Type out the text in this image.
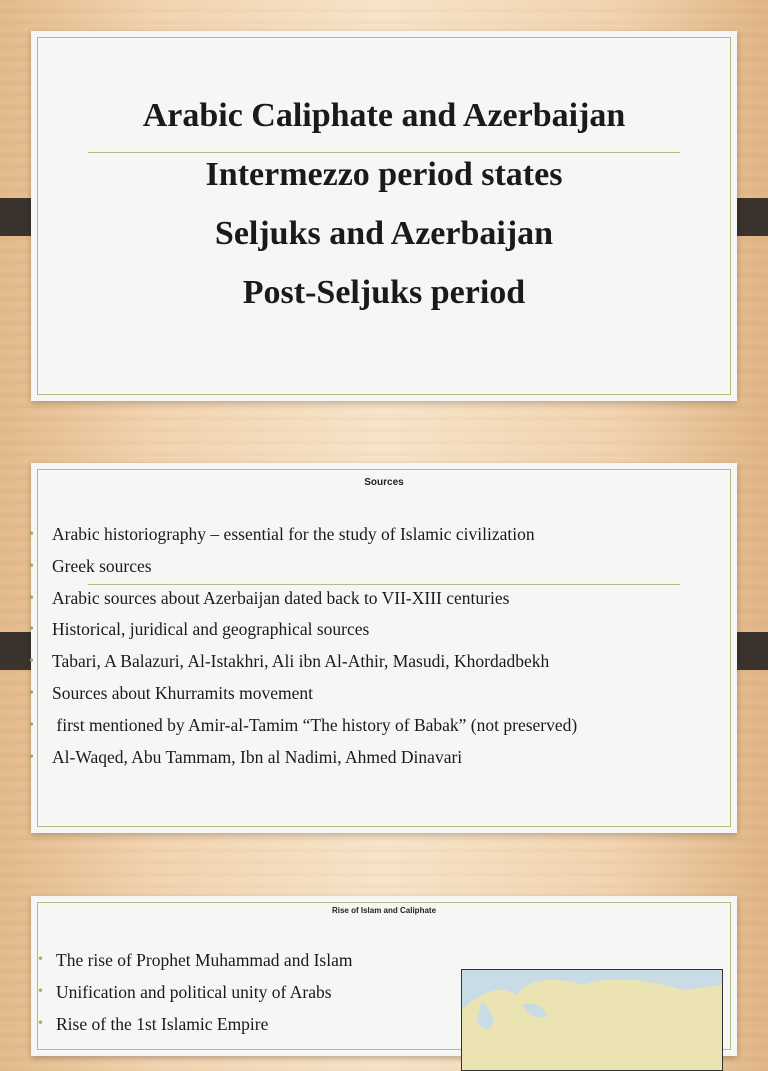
Arabic Caliphate and Azerbaijan
Intermezzo period states
Seljuks and Azerbaijan
Post-Seljuks period
Sources
• Arabic historiography – essential for the study of Islamic civilization
• Greek sources
• Arabic sources about Azerbaijan dated back to VII-XIII centuries
• Historical, juridical and geographical sources
• Tabari, A Balazuri, Al-Istakhri, Ali ibn Al-Athir, Masudi, Khordadbekh
• Sources about Khurramits movement
• first mentioned by Amir-al-Tamim “The history of Babak” (not preserved)
• Al-Waqed, Abu Tammam, Ibn al Nadimi, Ahmed Dinavari
Rise of Islam and Caliphate
• The rise of Prophet Muhammad and Islam
• Unification and political unity of Arabs
• Rise of the 1st Islamic Empire
